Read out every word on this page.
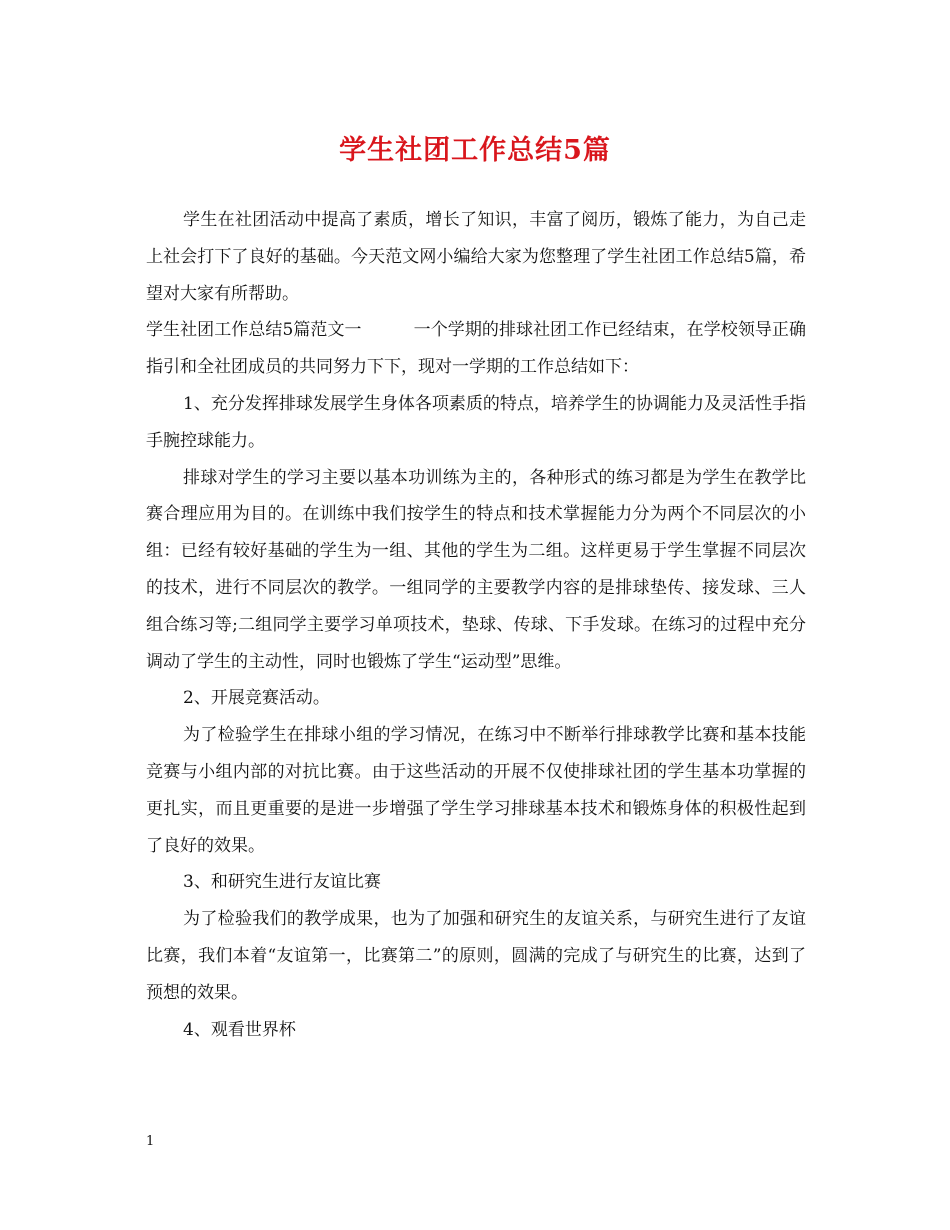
学生社团工作总结5篇

学生在社团活动中提高了素质，增长了知识，丰富了阅历，锻炼了能力，为自己走上社会打下了良好的基础。今天范文网小编给大家为您整理了学生社团工作总结5篇，希望对大家有所帮助。

学生社团工作总结5篇范文一	一个学期的排球社团工作已经结束，在学校领导正确指引和全社团成员的共同努力下下，现对一学期的工作总结如下：

1、充分发挥排球发展学生身体各项素质的特点，培养学生的协调能力及灵活性手指手腕控球能力。

排球对学生的学习主要以基本功训练为主的，各种形式的练习都是为学生在教学比赛合理应用为目的。在训练中我们按学生的特点和技术掌握能力分为两个不同层次的小组：已经有较好基础的学生为一组、其他的学生为二组。这样更易于学生掌握不同层次的技术，进行不同层次的教学。一组同学的主要教学内容的是排球垫传、接发球、三人组合练习等;二组同学主要学习单项技术，垫球、传球、下手发球。在练习的过程中充分调动了学生的主动性，同时也锻炼了学生“运动型”思维。

2、开展竞赛活动。

为了检验学生在排球小组的学习情况，在练习中不断举行排球教学比赛和基本技能竞赛与小组内部的对抗比赛。由于这些活动的开展不仅使排球社团的学生基本功掌握的更扎实，而且更重要的是进一步增强了学生学习排球基本技术和锻炼身体的积极性起到了良好的效果。

3、和研究生进行友谊比赛

为了检验我们的教学成果，也为了加强和研究生的友谊关系，与研究生进行了友谊比赛，我们本着“友谊第一，比赛第二”的原则，圆满的完成了与研究生的比赛，达到了预想的效果。

4、观看世界杯

1
